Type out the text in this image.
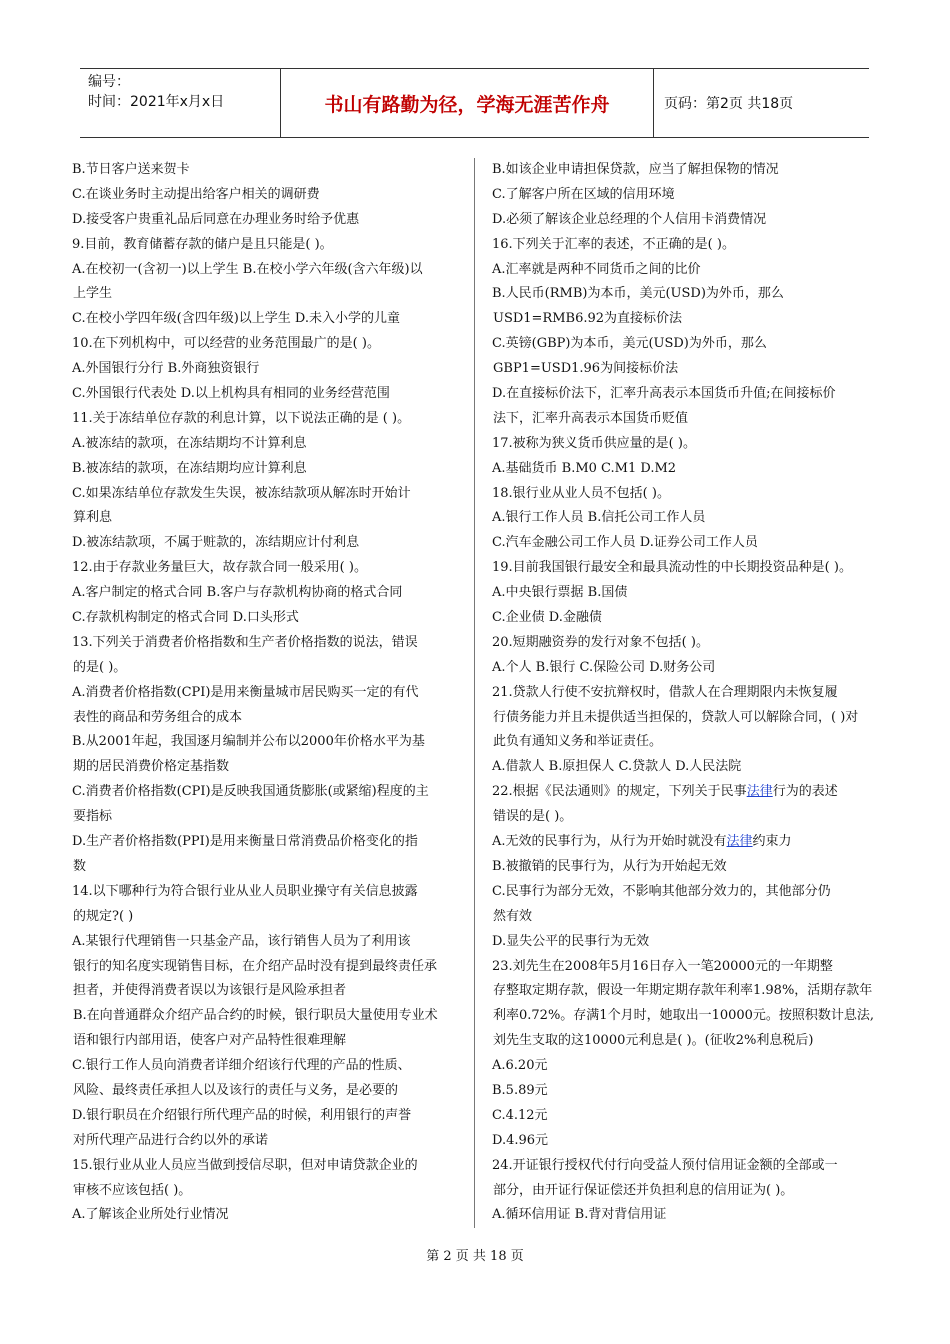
编号：
时间：2021年x月x日	书山有路勤为径，学海无涯苦作舟	页码：第2页 共18页
B.节日客户送来贺卡
C.在谈业务时主动提出给客户相关的调研费
D.接受客户贵重礼品后同意在办理业务时给予优惠
9.目前，教育储蓄存款的储户是且只能是( )。
A.在校初一(含初一)以上学生 B.在校小学六年级(含六年级)以
上学生
C.在校小学四年级(含四年级)以上学生 D.未入小学的儿童
10.在下列机构中，可以经营的业务范围最广的是( )。
A.外国银行分行 B.外商独资银行
C.外国银行代表处 D.以上机构具有相同的业务经营范围
11.关于冻结单位存款的利息计算，以下说法正确的是 ( )。
A.被冻结的款项，在冻结期均不计算利息
B.被冻结的款项，在冻结期均应计算利息
C.如果冻结单位存款发生失误，被冻结款项从解冻时开始计
算利息
D.被冻结款项，不属于赃款的，冻结期应计付利息
12.由于存款业务量巨大，故存款合同一般采用( )。
A.客户制定的格式合同 B.客户与存款机构协商的格式合同
C.存款机构制定的格式合同 D.口头形式
13.下列关于消费者价格指数和生产者价格指数的说法，错误
的是( )。
A.消费者价格指数(CPI)是用来衡量城市居民购买一定的有代
表性的商品和劳务组合的成本
B.从2001年起，我国逐月编制并公布以2000年价格水平为基
期的居民消费价格定基指数
C.消费者价格指数(CPI)是反映我国通货膨胀(或紧缩)程度的主
要指标
D.生产者价格指数(PPI)是用来衡量日常消费品价格变化的指
数
14.以下哪种行为符合银行业从业人员职业操守有关信息披露
的规定?( )
A.某银行代理销售一只基金产品，该行销售人员为了利用该
银行的知名度实现销售目标，在介绍产品时没有提到最终责任承
担者，并使得消费者误以为该银行是风险承担者
B.在向普通群众介绍产品合约的时候，银行职员大量使用专业术
语和银行内部用语，使客户对产品特性很难理解
C.银行工作人员向消费者详细介绍该行代理的产品的性质、
风险、最终责任承担人以及该行的责任与义务，是必要的
D.银行职员在介绍银行所代理产品的时候，利用银行的声誉
对所代理产品进行合约以外的承诺
15.银行业从业人员应当做到授信尽职，但对申请贷款企业的
审核不应该包括( )。
A.了解该企业所处行业情况
B.如该企业申请担保贷款，应当了解担保物的情况
C.了解客户所在区域的信用环境
D.必须了解该企业总经理的个人信用卡消费情况
16.下列关于汇率的表述，不正确的是( )。
A.汇率就是两种不同货币之间的比价
B.人民币(RMB)为本币，美元(USD)为外币，那么
USD1=RMB6.92为直接标价法
C.英镑(GBP)为本币，美元(USD)为外币，那么
GBP1=USD1.96为间接标价法
D.在直接标价法下，汇率升高表示本国货币升值;在间接标价
法下，汇率升高表示本国货币贬值
17.被称为狭义货币供应量的是( )。
A.基础货币 B.M0 C.M1 D.M2
18.银行业从业人员不包括( )。
A.银行工作人员 B.信托公司工作人员
C.汽车金融公司工作人员 D.证券公司工作人员
19.目前我国银行最安全和最具流动性的中长期投资品种是( )。
A.中央银行票据 B.国债
C.企业债 D.金融债
20.短期融资券的发行对象不包括( )。
A.个人 B.银行 C.保险公司 D.财务公司
21.贷款人行使不安抗辩权时，借款人在合理期限内未恢复履
行债务能力并且未提供适当担保的，贷款人可以解除合同，( )对
此负有通知义务和举证责任。
A.借款人 B.原担保人 C.贷款人 D.人民法院
22.根据《民法通则》的规定，下列关于民事法律行为的表述
错误的是( )。
A.无效的民事行为，从行为开始时就没有法律约束力
B.被撤销的民事行为，从行为开始起无效
C.民事行为部分无效，不影响其他部分效力的，其他部分仍
然有效
D.显失公平的民事行为无效
23.刘先生在2008年5月16日存入一笔20000元的一年期整
存整取定期存款，假设一年期定期存款年利率1.98%，活期存款年
利率0.72%。存满1个月时，她取出一10000元。按照积数计息法,
刘先生支取的这10000元利息是( )。(征收2%利息税后)
A.6.20元
B.5.89元
C.4.12元
D.4.96元
24.开证银行授权代付行向受益人预付信用证金额的全部或一
部分，由开证行保证偿还并负担利息的信用证为( )。
A.循环信用证 B.背对背信用证
第 2 页 共 18 页
